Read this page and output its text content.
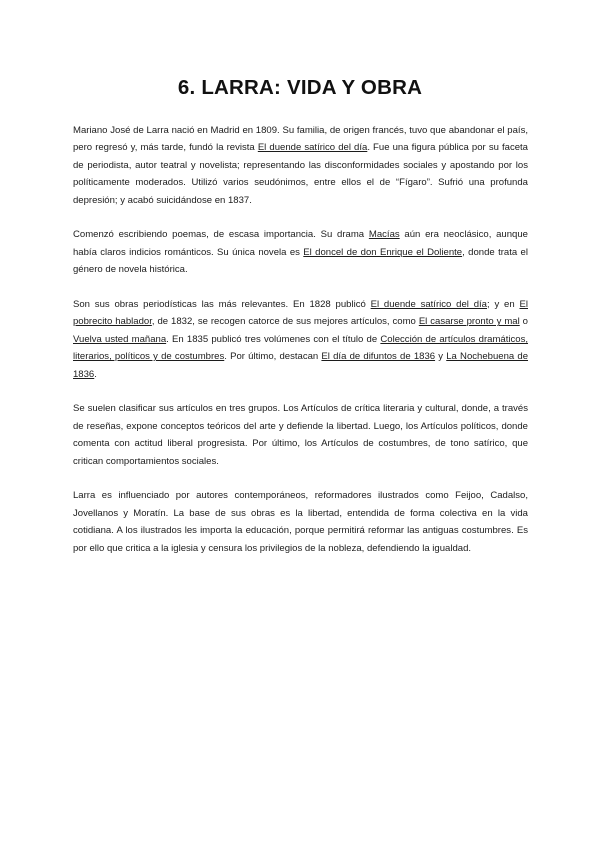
6. LARRA: VIDA Y OBRA

Mariano José de Larra nació en Madrid en 1809. Su familia, de origen francés, tuvo que abandonar el país, pero regresó y, más tarde, fundó la revista El duende satírico del día. Fue una figura pública por su faceta de periodista, autor teatral y novelista; representando las disconformidades sociales y apostando por los políticamente moderados. Utilizó varios seudónimos, entre ellos el de “Fígaro”. Sufrió una profunda depresión; y acabó suicidándose en 1837.

Comenzó escribiendo poemas, de escasa importancia. Su drama Macías aún era neoclásico, aunque había claros indicios románticos. Su única novela es El doncel de don Enrique el Doliente, donde trata el género de novela histórica.

Son sus obras periodísticas las más relevantes. En 1828 publicó El duende satírico del día; y en El pobrecito hablador, de 1832, se recogen catorce de sus mejores artículos, como El casarse pronto y mal o Vuelva usted mañana. En 1835 publicó tres volúmenes con el título de Colección de artículos dramáticos, literarios, políticos y de costumbres. Por último, destacan El día de difuntos de 1836 y La Nochebuena de 1836.

Se suelen clasificar sus artículos en tres grupos. Los Artículos de crítica literaria y cultural, donde, a través de reseñas, expone conceptos teóricos del arte y defiende la libertad. Luego, los Artículos políticos, donde comenta con actitud liberal progresista. Por último, los Artículos de costumbres, de tono satírico, que critican comportamientos sociales.

Larra es influenciado por autores contemporáneos, reformadores ilustrados como Feijoo, Cadalso, Jovellanos y Moratín. La base de sus obras es la libertad, entendida de forma colectiva en la vida cotidiana. A los ilustrados les importa la educación, porque permitirá reformar las antiguas costumbres. Es por ello que critica a la iglesia y censura los privilegios de la nobleza, defendiendo la igualdad.
